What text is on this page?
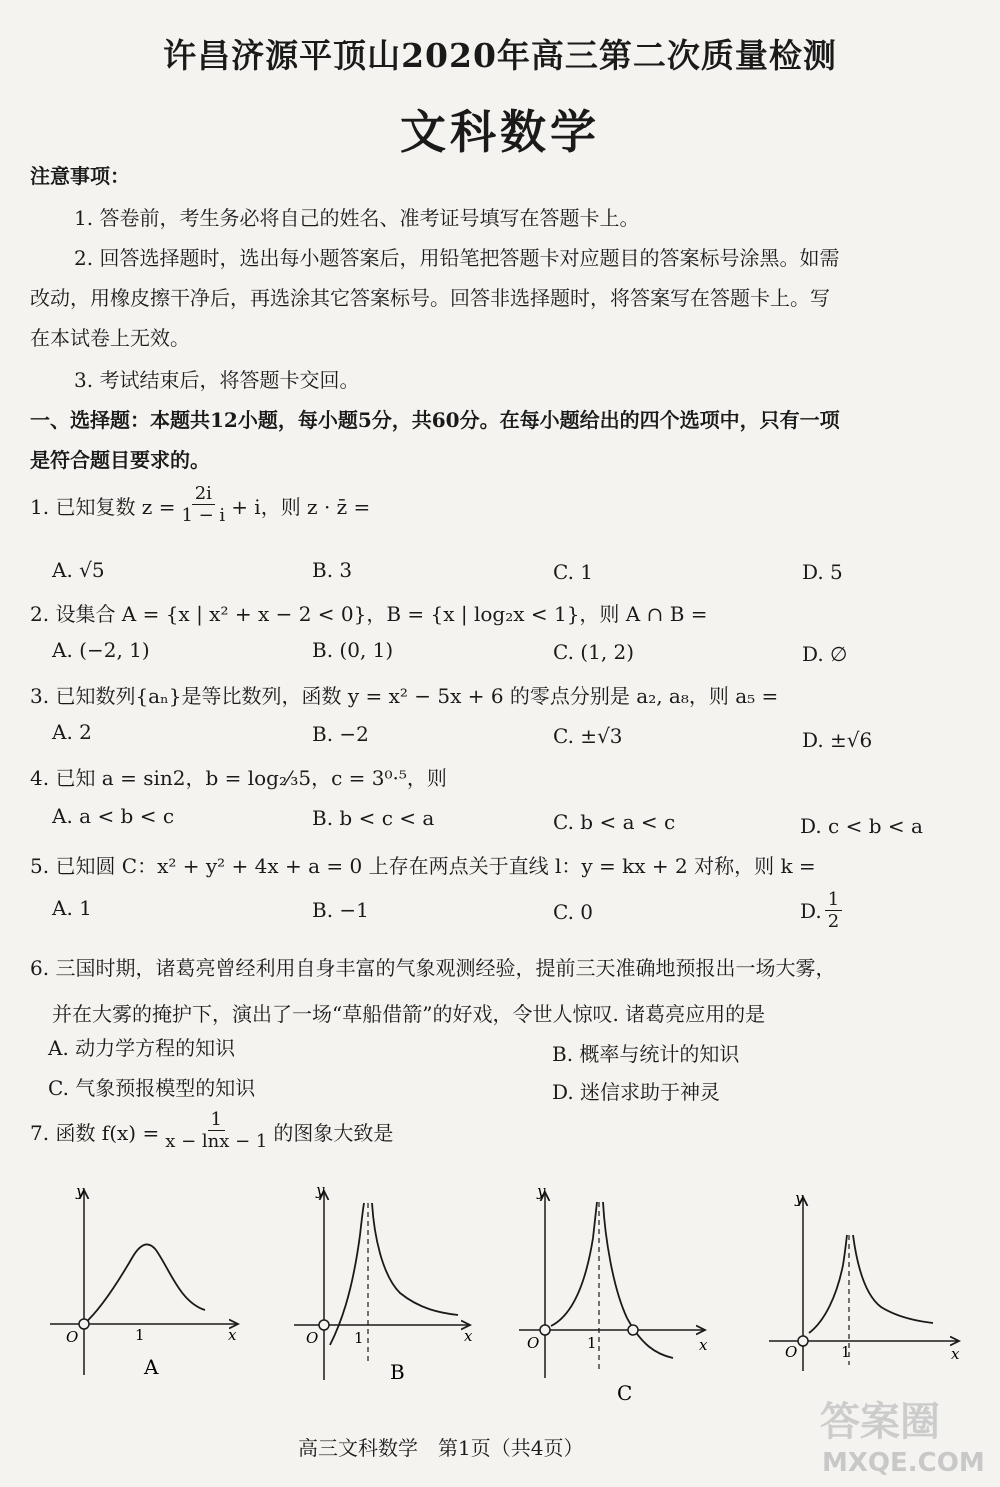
许昌济源平顶山2020年高三第二次质量检测
文科数学
注意事项：
1. 答卷前，考生务必将自己的姓名、准考证号填写在答题卡上。
2. 回答选择题时，选出每小题答案后，用铅笔把答题卡对应题目的答案标号涂黑。如需
改动，用橡皮擦干净后，再选涂其它答案标号。回答非选择题时，将答案写在答题卡上。写
在本试卷上无效。
3. 考试结束后，将答题卡交回。
一、选择题：本题共12小题，每小题5分，共60分。在每小题给出的四个选项中，只有一项
是符合题目要求的。
1. 已知复数 $z = \frac{2i}{1 - i} + i$，则 z · z̄ =
A. √5	B. 3	C. 1	D. 5
2. 设集合 A = {x | x² + x − 2 < 0}，B = {x | log₂x < 1}，则 A ∩ B =
A. (−2, 1)	B. (0, 1)	C. (1, 2)	D. ∅
3. 已知数列{aₙ}是等比数列，函数 y = x² − 5x + 6 的零点分别是 a₂, a₈，则 a₅ =
A. 2	B. −2	C. ±√3	D. ±√6
4. 已知 a = sin2，b = log₂⁄₃5，c = 3⁰·⁵，则
A. a < b < c	B. b < c < a	C. b < a < c	D. c < b < a
5. 已知圆 C：x² + y² + 4x + a = 0 上存在两点关于直线 l：y = kx + 2 对称，则 k =
A. 1	B. −1	C. 0	D. $\frac{1}{2}$
6. 三国时期，诸葛亮曾经利用自身丰富的气象观测经验，提前三天准确地预报出一场大雾，
并在大雾的掩护下，演出了一场“草船借箭”的好戏，令世人惊叹. 诸葛亮应用的是
A. 动力学方程的知识	B. 概率与统计的知识
C. 气象预报模型的知识	D. 迷信求助于神灵
7. 函数 $f(x) = \frac{1}{x - \ln x - 1}$ 的图象大致是
y
x
O	1
A
y
x
O 1
B
y
x
O	1
C
y
x
O	1
高三文科数学　第1页（共4页）
答案圈
MXQE.COM
